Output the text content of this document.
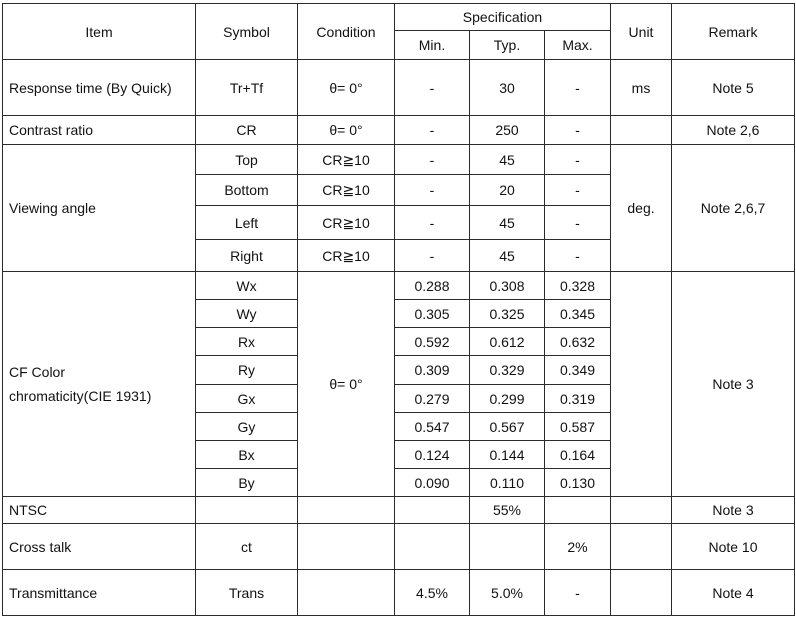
Item	Symbol	Condition	Specification			Unit	Remark
			Min.	Typ.	Max.		
Response time (By Quick)	Tr+Tf	θ= 0°	-	30	-	ms	Note 5
Contrast ratio	CR	θ= 0°	-	250	-		Note 2,6
Viewing angle	Top	CR≧10	-	45	-	deg.	Note 2,6,7
	Bottom	CR≧10	-	20	-		
	Left	CR≧10	-	45	-		
	Right	CR≧10	-	45	-		
CF Color
chromaticity(CIE 1931)	Wx	θ= 0°	0.288	0.308	0.328		Note 3
	Wy		0.305	0.325	0.345		
	Rx		0.592	0.612	0.632		
	Ry		0.309	0.329	0.349		
	Gx		0.279	0.299	0.319		
	Gy		0.547	0.567	0.587		
	Bx		0.124	0.144	0.164		
	By		0.090	0.110	0.130		
NTSC				55%			Note 3
Cross talk	ct				2%		Note 10
Transmittance	Trans		4.5%	5.0%	-		Note 4
